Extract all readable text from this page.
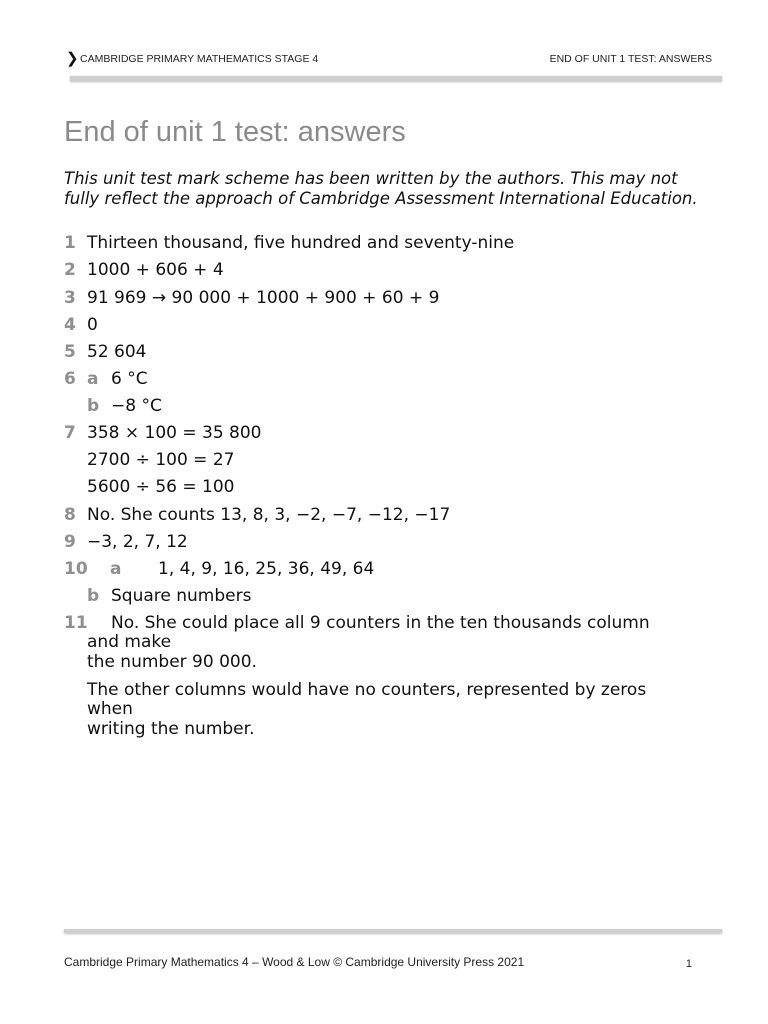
❯ CAMBRIDGE PRIMARY MATHEMATICS STAGE 4	END OF UNIT 1 TEST: ANSWERS
End of unit 1 test: answers
This unit test mark scheme has been written by the authors. This may not fully reflect the approach of Cambridge Assessment International Education.
1 Thirteen thousand, five hundred and seventy-nine
2 1000 + 606 + 4
3 91 969 → 90 000 + 1000 + 900 + 60 + 9
4 0
5 52 604
6 a 6 °C
b −8 °C
7 358 × 100 = 35 800
2700 ÷ 100 = 27
5600 ÷ 56 = 100
8 No. She counts 13, 8, 3, −2, −7, −12, −17
9 −3, 2, 7, 12
10 a 1, 4, 9, 16, 25, 36, 49, 64
b Square numbers
11 No. She could place all 9 counters in the ten thousands column
and make
the number 90 000.
The other columns would have no counters, represented by zeros
when
writing the number.
Cambridge Primary Mathematics 4 – Wood & Low © Cambridge University Press 2021	1
